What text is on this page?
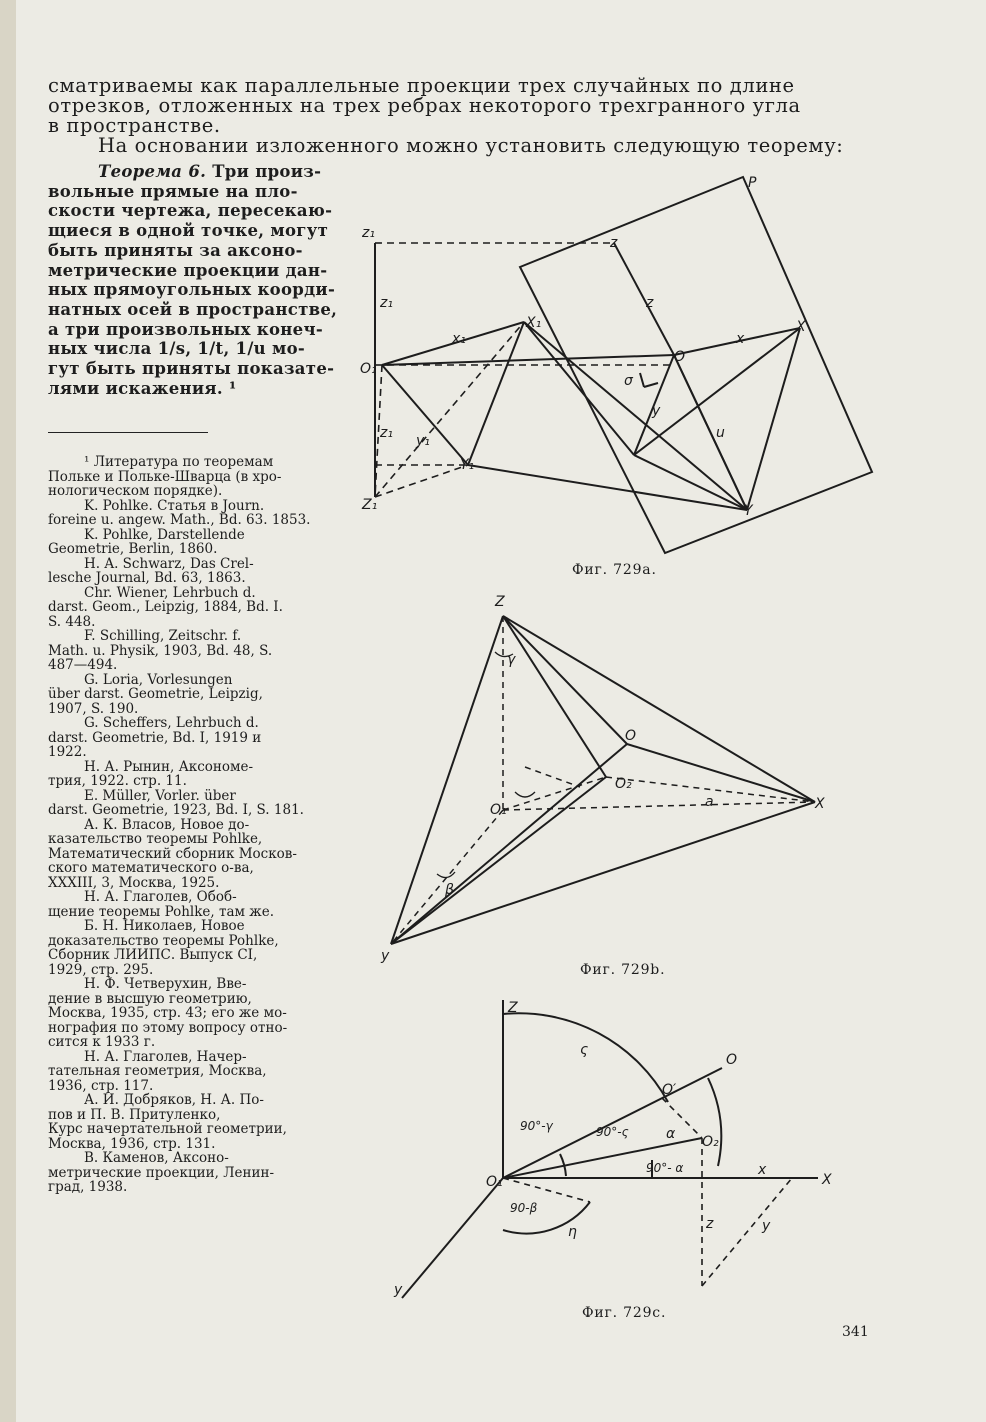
сматриваемы как параллельные проекции трех случайных по длине
отрезков, отложенных на трех ребрах некоторого трехгранного угла
в пространстве.
На основании изложенного можно установить следующую теорему:
Теорема 6. Три произ-
вольные прямые на пло-
скости чертежа, пересекаю-
щиеся в одной точке, могут
быть приняты за аксоно-
метрические проекции дан-
ных прямоугольных коорди-
натных осей в пространстве,
а три произвольных конеч-
ных числа 1/s, 1/t, 1/u мо-
гут быть приняты показате-
лями искажения. ¹

¹ Литература по теоремам
Польке и Польке-Шварца (в хро-
нологическом порядке).

K. Pohlke. Статья в Journ.
foreine u. angew. Math., Bd. 63. 1853.

K. Pohlke, Darstellende
Geometrie, Berlin, 1860.

H. A. Schwarz, Das Crel-
lesche Journal, Bd. 63, 1863.

Chr. Wiener, Lehrbuch d.
darst. Geom., Leipzig, 1884, Bd. I.
S. 448.

F. Schilling, Zeitschr. f.
Math. u. Physik, 1903, Bd. 48, S.
487—494.

G. Loria, Vorlesungen
über darst. Geometrie, Leipzig,
1907, S. 190.

G. Scheffers, Lehrbuch d.
darst. Geometrie, Bd. I, 1919 и
1922.

Н. А. Рынин, Аксономе-
трия, 1922. стр. 11.

E. Müller, Vorler. über
darst. Geometrie, 1923, Bd. I, S. 181.

А. К. Власов, Новое до-
казательство теоремы Pohlke,
Математический сборник Москов-
ского математического о-ва,
XXXIII, 3, Москва, 1925.

Н. А. Глаголев, Обоб-
щение теоремы Pohlke, там же.

Б. Н. Николаев, Новое
доказательство теоремы Pohlke,
Сборник ЛИИПС. Выпуск CI,
1929, стр. 295.

Н. Ф. Четверухин, Вве-
дение в высшую геометрию,
Москва, 1935, стр. 43; его же мо-
нография по этому вопросу отно-
сится к 1933 г.

Н. А. Глаголев, Начер-
тательная геометрия, Москва,
1936, стр. 117.

А. И. Добряков, Н. А. По-
пов и П. В. Притуленко,
Курс начертательной геометрии,
Москва, 1936, стр. 131.

В. Каменов, Аксоно-
метрические проекции, Ленин-
град, 1938.

P
z₁
z
z₁	z
x₁
X₁	X
x
O
O₁
σ
y
u
z₁ y₁
Y₁
Y
Z₁
Фиг. 729a.
Z
γ
O
O₂
O₁	a	X
β
y
Фиг. 729b.
Z
ς
O
O′
90°-γ	90°-ς	α O₂
90°- α
O₁
x
X
90-β
η	z	y
y
Фиг. 729c.
341
